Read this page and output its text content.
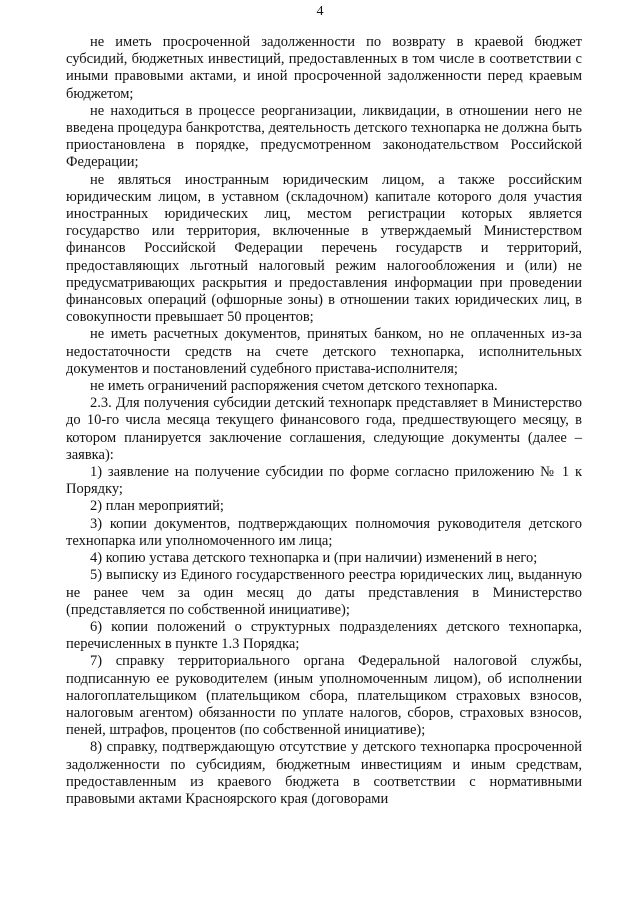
4

не иметь просроченной задолженности по возврату в краевой бюджет субсидий, бюджетных инвестиций, предоставленных в том числе в соответствии с иными правовыми актами, и иной просроченной задолженности перед краевым бюджетом;

не находиться в процессе реорганизации, ликвидации, в отношении него не введена процедура банкротства, деятельность детского технопарка не должна быть приостановлена в порядке, предусмотренном законодательством Российской Федерации;

не являться иностранным юридическим лицом, а также российским юридическим лицом, в уставном (складочном) капитале которого доля участия иностранных юридических лиц, местом регистрации которых является государство или территория, включенные в утверждаемый Министерством финансов Российской Федерации перечень государств и территорий, предоставляющих льготный налоговый режим налогообложения и (или) не предусматривающих раскрытия и предоставления информации при проведении финансовых операций (офшорные зоны) в отношении таких юридических лиц, в совокупности превышает 50 процентов;

не иметь расчетных документов, принятых банком, но не оплаченных из-за недостаточности средств на счете детского технопарка, исполнительных документов и постановлений судебного пристава-исполнителя;

не иметь ограничений распоряжения счетом детского технопарка.

2.3. Для получения субсидии детский технопарк представляет в Министерство до 10-го числа месяца текущего финансового года, предшествующего месяцу, в котором планируется заключение соглашения, следующие документы (далее – заявка):

1) заявление на получение субсидии по форме согласно приложению № 1 к Порядку;

2) план мероприятий;

3) копии документов, подтверждающих полномочия руководителя детского технопарка или уполномоченного им лица;

4) копию устава детского технопарка и (при наличии) изменений в него;

5) выписку из Единого государственного реестра юридических лиц, выданную не ранее чем за один месяц до даты представления в Министерство (представляется по собственной инициативе);

6) копии положений о структурных подразделениях детского технопарка, перечисленных в пункте 1.3 Порядка;

7) справку территориального органа Федеральной налоговой службы, подписанную ее руководителем (иным уполномоченным лицом), об исполнении налогоплательщиком (плательщиком сбора, плательщиком страховых взносов, налоговым агентом) обязанности по уплате налогов, сборов, страховых взносов, пеней, штрафов, процентов (по собственной инициативе);

8) справку, подтверждающую отсутствие у детского технопарка просроченной задолженности по субсидиям, бюджетным инвестициям и иным средствам, предоставленным из краевого бюджета в соответствии с нормативными правовыми актами Красноярского края (договорами
